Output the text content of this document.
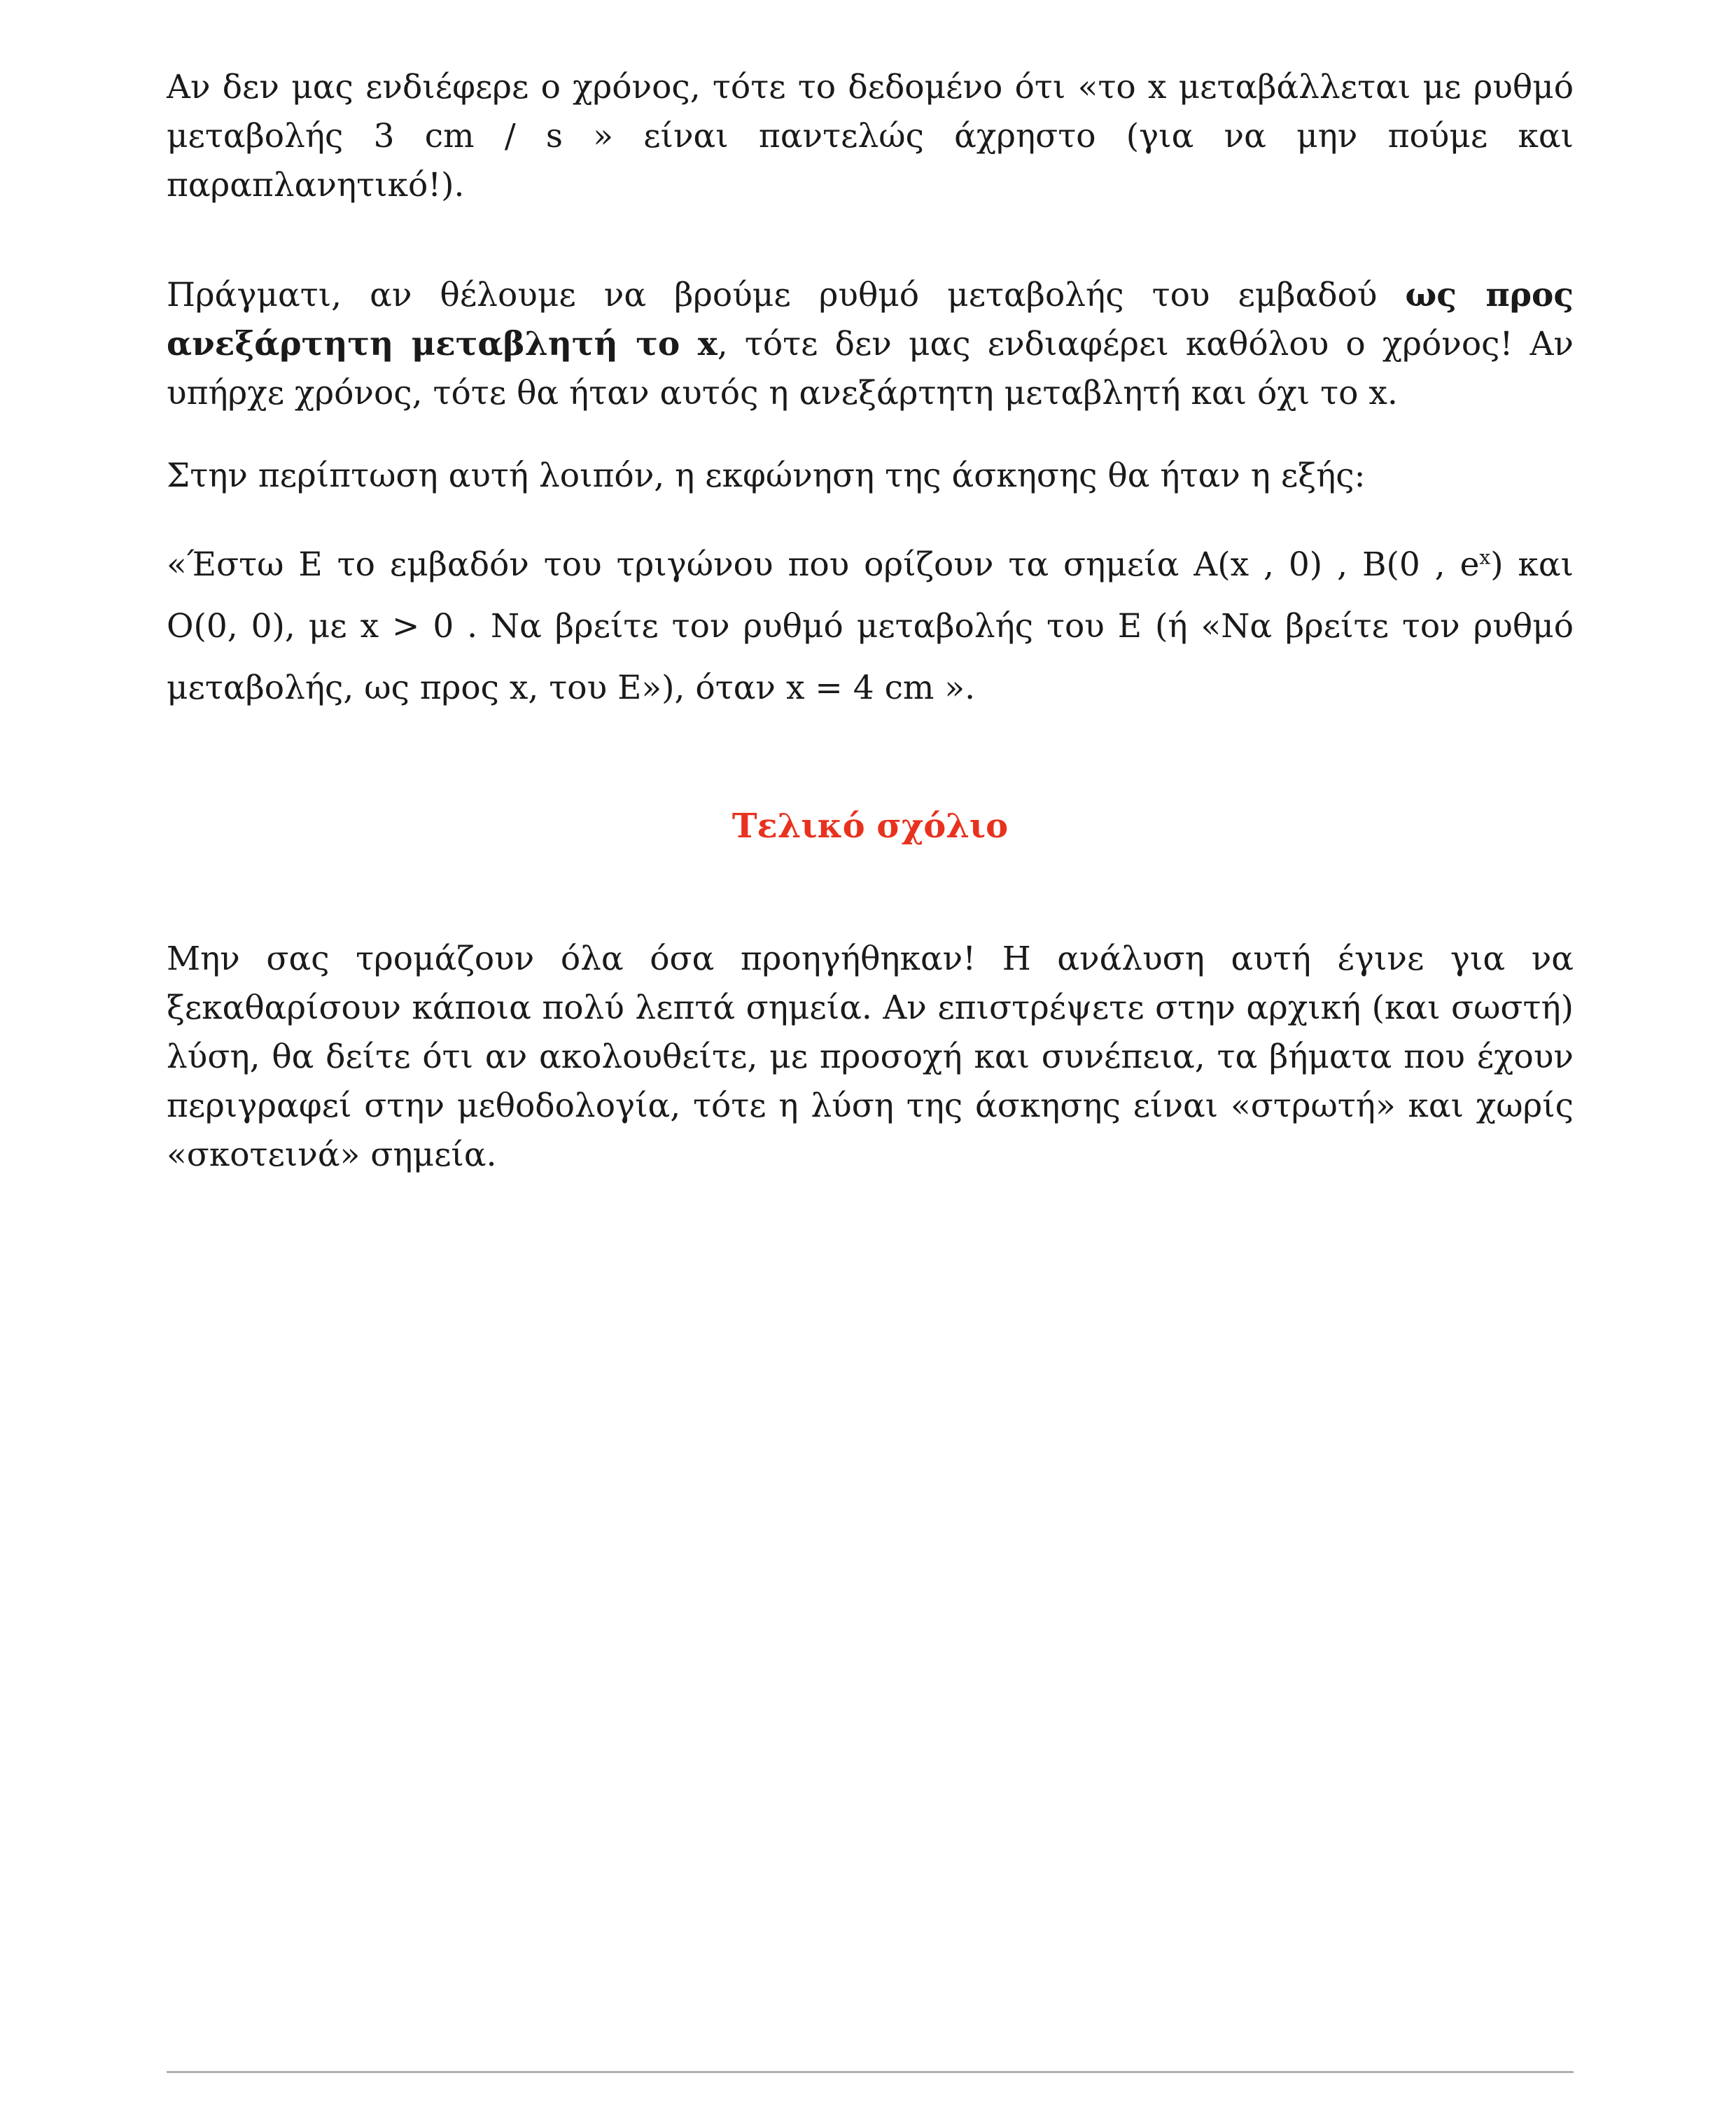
Αν δεν μας ενδιέφερε ο χρόνος, τότε το δεδομένο ότι «το x μεταβάλλεται με ρυθμό μεταβολής 3 cm / s » είναι παντελώς άχρηστο (για να μην πούμε και παραπλανητικό!).

Πράγματι, αν θέλουμε να βρούμε ρυθμό μεταβολής του εμβαδού ως προς ανεξάρτητη μεταβλητή το x, τότε δεν μας ενδιαφέρει καθόλου ο χρόνος! Αν υπήρχε χρόνος, τότε θα ήταν αυτός η ανεξάρτητη μεταβλητή και όχι το x.

Στην περίπτωση αυτή λοιπόν, η εκφώνηση της άσκησης θα ήταν η εξής:

«Έστω E το εμβαδόν του τριγώνου που ορίζουν τα σημεία A(x , 0) , B(0 , $e^x$) και O(0, 0), με x > 0 . Να βρείτε τον ρυθμό μεταβολής του E (ή «Να βρείτε τον ρυθμό μεταβολής, ως προς x, του E»), όταν x = 4 cm ».

Τελικό σχόλιο

Μην σας τρομάζουν όλα όσα προηγήθηκαν! Η ανάλυση αυτή έγινε για να ξεκαθαρίσουν κάποια πολύ λεπτά σημεία. Αν επιστρέψετε στην αρχική (και σωστή) λύση, θα δείτε ότι αν ακολουθείτε, με προσοχή και συνέπεια, τα βήματα που έχουν περιγραφεί στην μεθοδολογία, τότε η λύση της άσκησης είναι «στρωτή» και χωρίς «σκοτεινά» σημεία.
